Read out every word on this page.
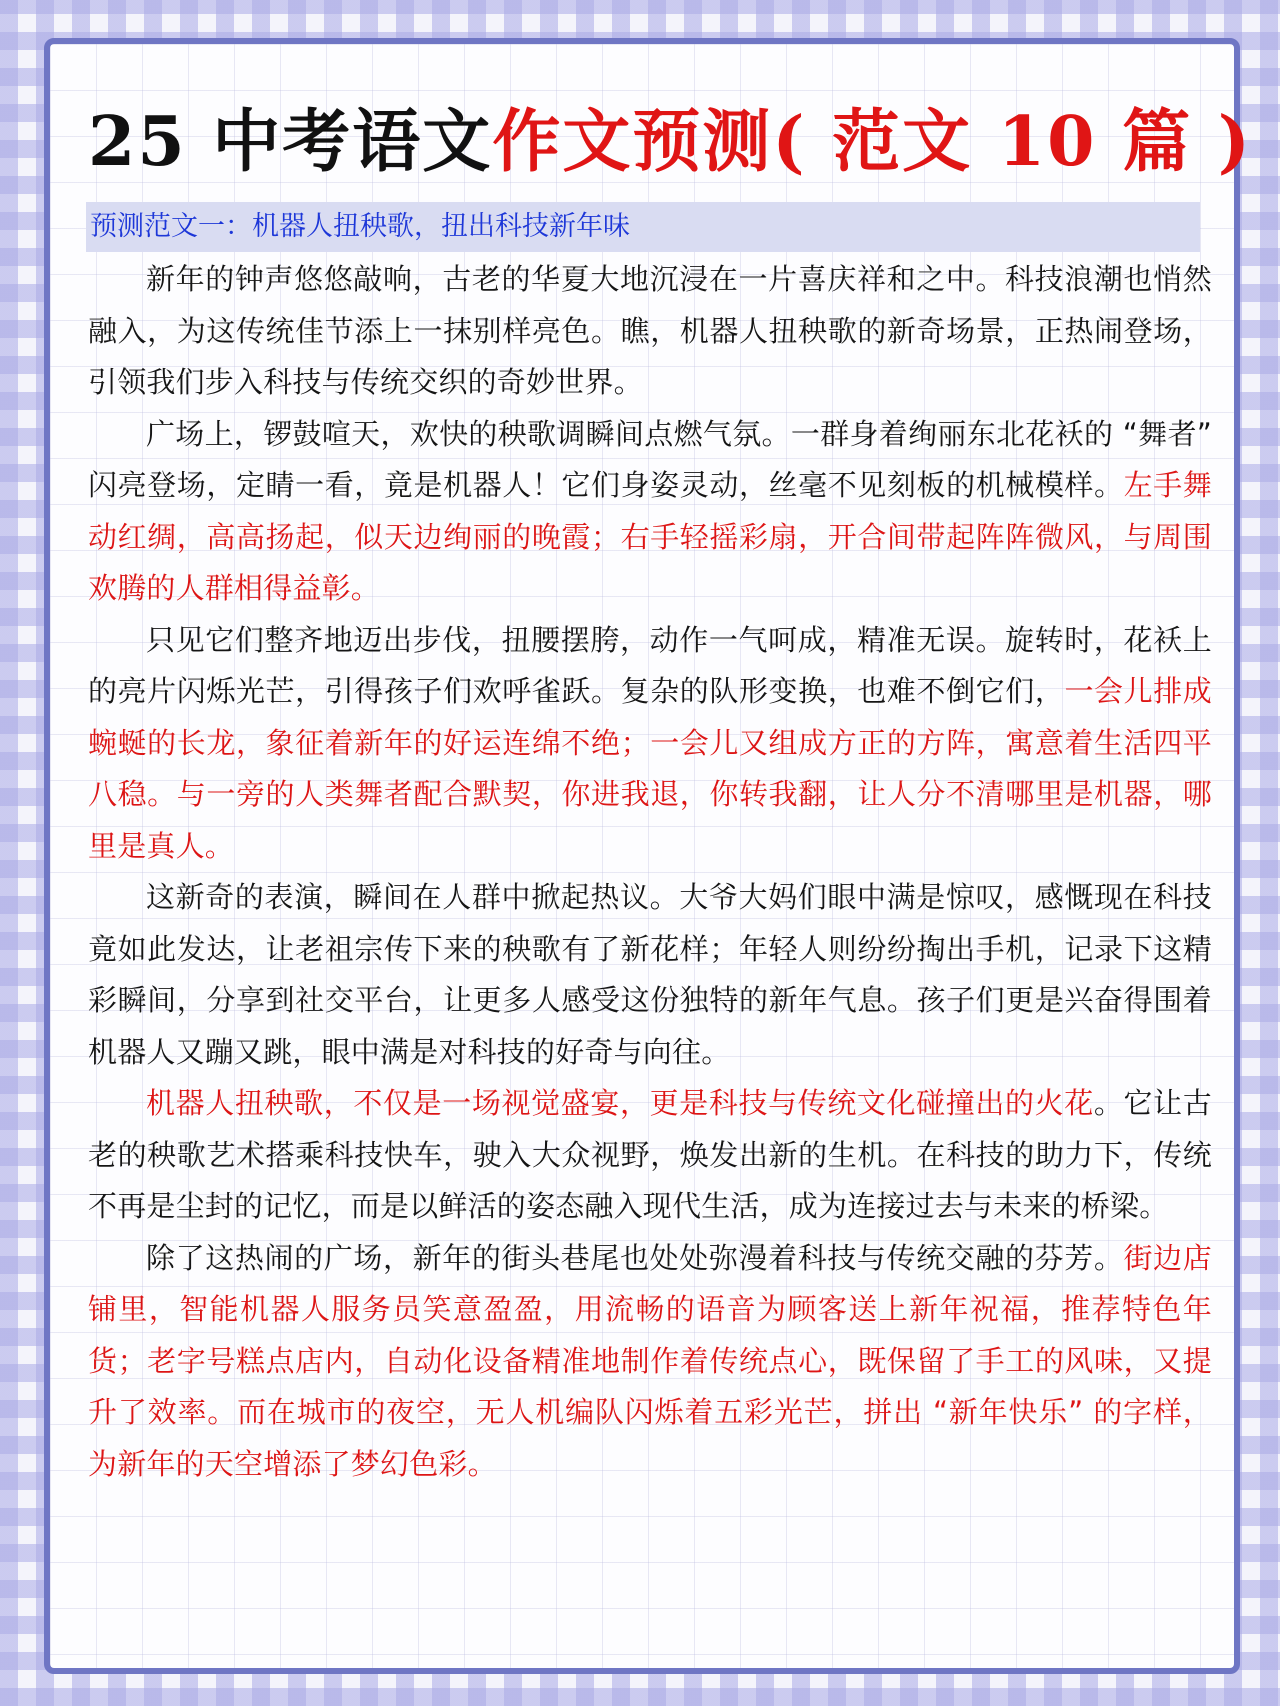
25 中考语文作文预测( 范文 10 篇 )
预测范文一：机器人扭秧歌，扭出科技新年味

新年的钟声悠悠敲响，古老的华夏大地沉浸在一片喜庆祥和之中。科技浪潮也悄然融入，为这传统佳节添上一抹别样亮色。瞧，机器人扭秧歌的新奇场景，正热闹登场，引领我们步入科技与传统交织的奇妙世界。

广场上，锣鼓喧天，欢快的秧歌调瞬间点燃气氛。一群身着绚丽东北花袄的 “舞者” 闪亮登场，定睛一看，竟是机器人！它们身姿灵动，丝毫不见刻板的机械模样。左手舞动红绸，高高扬起，似天边绚丽的晚霞；右手轻摇彩扇，开合间带起阵阵微风，与周围欢腾的人群相得益彰。

只见它们整齐地迈出步伐，扭腰摆胯，动作一气呵成，精准无误。旋转时，花袄上的亮片闪烁光芒，引得孩子们欢呼雀跃。复杂的队形变换，也难不倒它们，一会儿排成蜿蜒的长龙，象征着新年的好运连绵不绝；一会儿又组成方正的方阵，寓意着生活四平八稳。与一旁的人类舞者配合默契，你进我退，你转我翻，让人分不清哪里是机器，哪里是真人。

这新奇的表演，瞬间在人群中掀起热议。大爷大妈们眼中满是惊叹，感慨现在科技竟如此发达，让老祖宗传下来的秧歌有了新花样；年轻人则纷纷掏出手机，记录下这精彩瞬间，分享到社交平台，让更多人感受这份独特的新年气息。孩子们更是兴奋得围着机器人又蹦又跳，眼中满是对科技的好奇与向往。

机器人扭秧歌，不仅是一场视觉盛宴，更是科技与传统文化碰撞出的火花。它让古老的秧歌艺术搭乘科技快车，驶入大众视野，焕发出新的生机。在科技的助力下，传统不再是尘封的记忆，而是以鲜活的姿态融入现代生活，成为连接过去与未来的桥梁。

除了这热闹的广场，新年的街头巷尾也处处弥漫着科技与传统交融的芬芳。街边店铺里，智能机器人服务员笑意盈盈，用流畅的语音为顾客送上新年祝福，推荐特色年货；老字号糕点店内，自动化设备精准地制作着传统点心，既保留了手工的风味，又提升了效率。而在城市的夜空，无人机编队闪烁着五彩光芒，拼出 “新年快乐” 的字样，为新年的天空增添了梦幻色彩。
